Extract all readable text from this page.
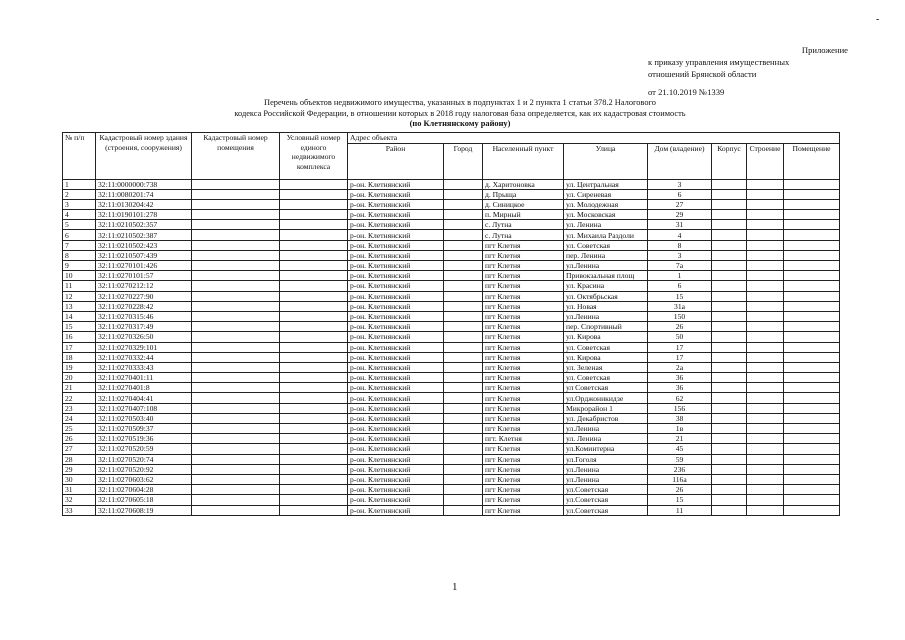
-
Приложение
к приказу управления имущественных
отношений Брянской области
от 21.10.2019 №1339
Перечень объектов недвижимого имущества, указанных в подпунктах 1 и 2 пункта 1 статьи 378.2 Налогового
кодекса Российской Федерации, в отношении которых в 2018 году налоговая база определяется, как их кадастровая стоимость
(по Клетнянскому району)
№ п/п	Кадастровый номер здания (строения, сооружения)	Кадастровый номер помещения	Условный номер единого недвижимого комплекса	Адрес объекта							
				Район	Город	Населенный пункт	Улица	Дом (владение)	Корпус	Строение	Помещение
1	32:11:0000000:738			р-он. Клетнянский		д. Харитоновка	ул. Центральная	3			
2	32:11:0080201:74			р-он. Клетнянский		д. Прыща	ул. Сиреневая	6			
3	32:11:0130204:42			р-он. Клетнянский		д. Синицкое	ул. Молодежная	27			
4	32:11:0190101:278			р-он. Клетнянский		п. Мирный	ул. Московская	29			
5	32:11:0210502:357			р-он. Клетнянский		с. Лутна	ул. Ленина	31			
6	32:11:0210502:387			р-он. Клетнянский		с. Лутна	ул. Михаила Раздоли	4			
7	32:11:0210502:423			р-он. Клетнянский		пгт Клетня	ул. Советская	8			
8	32:11:0210507:439			р-он. Клетнянский		пгт Клетня	пер. Ленина	3			
9	32:11:0270101:426			р-он. Клетнянский		пгт Клетня	ул.Ленина	7а			
10	32:11:0270101:57			р-он. Клетнянский		пгт Клетня	Привокзальная площ	1			
11	32:11:0270212:12			р-он. Клетнянский		пгт Клетня	ул. Красина	6			
12	32:11:0270227:90			р-он. Клетнянский		пгт Клетня	ул. Октябрьская	15			
13	32:11:0270228:42			р-он. Клетнянский		пгт Клетня	ул. Новая	31а			
14	32:11:0270315:46			р-он. Клетнянский		пгт Клетня	ул.Ленина	150			
15	32:11:0270317:49			р-он. Клетнянский		пгт Клетня	пер. Спортивный	26			
16	32:11:0270326:50			р-он. Клетнянский		пгт Клетня	ул. Кирова	50			
17	32:11:0270329:101			р-он. Клетнянский		пгт Клетня	ул. Советская	17			
18	32:11:0270332:44			р-он. Клетнянский		пгт Клетня	ул. Кирова	17			
19	32:11:0270333:43			р-он. Клетнянский		пгт Клетня	ул. Зеленая	2а			
20	32:11:0270401:11			р-он. Клетнянский		пгт Клетня	ул. Советская	36			
21	32:11:0270401:8			р-он. Клетнянский		пгт Клетня	ул Советская	36			
22	32:11:0270404:41			р-он. Клетнянский		пгт Клетня	ул.Орджоникидзе	62			
23	32:11:0270407:108			р-он. Клетнянский		пгт Клетня	Микрорайон 1	156			
24	32:11:0270503:40			р-он. Клетнянский		пгт Клетня	ул. Декабристов	38			
25	32:11:0270509:37			р-он. Клетнянский		пгт Клетня	ул.Ленина	1в			
26	32:11:0270519:36			р-он. Клетнянский		пгт. Клетня	ул. Ленина	21			
27	32:11:0270520:59			р-он. Клетнянский		пгт Клетня	ул.Коминтерна	45			
28	32:11:0270520:74			р-он. Клетнянский		пгт Клетня	ул.Гоголя	59			
29	32:11:0270520:92			р-он. Клетнянский		пгт Клетня	ул.Ленина	236			
30	32:11:0270603:62			р-он. Клетнянский		пгт Клетня	ул.Ленина	116а			
31	32:11:0270604:28			р-он. Клетнянский		пгт Клетня	ул.Советская	26			
32	32:11:0270605:18			р-он. Клетнянский		пгт Клетня	ул.Советская	15			
33	32:11:0270608:19			р-он. Клетнянский		пгт Клетня	ул.Советская	11			
1
